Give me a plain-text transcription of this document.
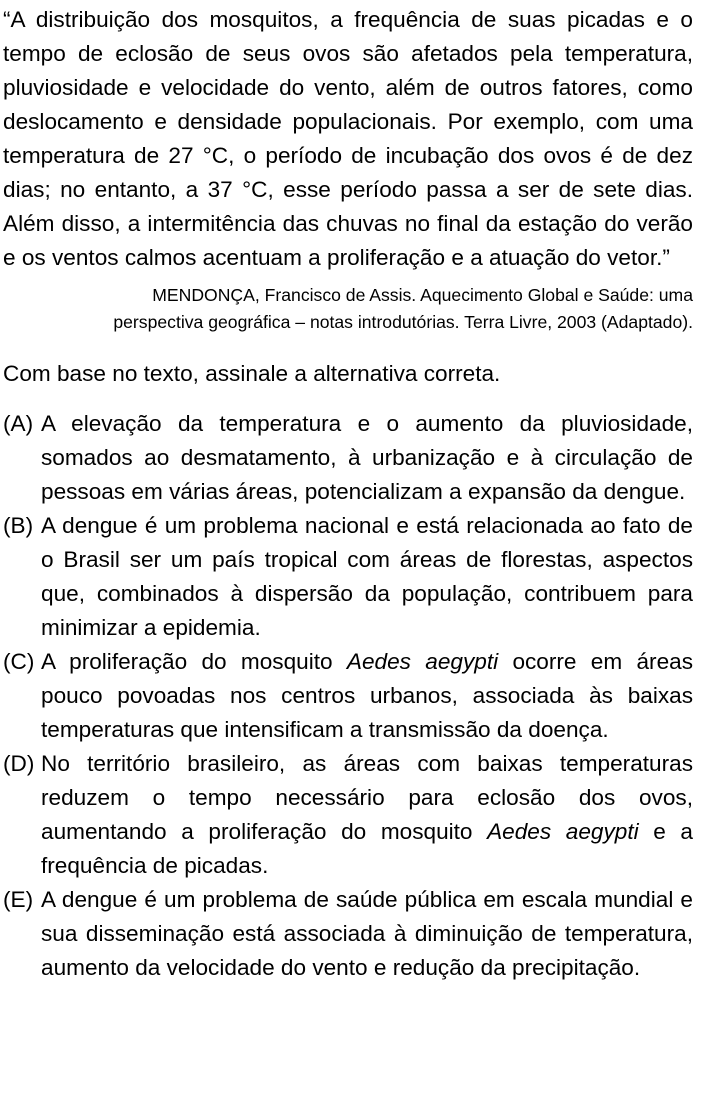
“A distribuição dos mosquitos, a frequência de suas picadas e o tempo de eclosão de seus ovos são afetados pela temperatura, pluviosidade e velocidade do vento, além de outros fatores, como deslocamento e densidade populacionais. Por exemplo, com uma temperatura de 27 °C, o período de incubação dos ovos é de dez dias; no entanto, a 37 °C, esse período passa a ser de sete dias. Além disso, a intermitência das chuvas no final da estação do verão e os ventos calmos acentuam a proliferação e a atuação do vetor.”

MENDONÇA, Francisco de Assis. Aquecimento Global e Saúde: uma
perspectiva geográfica – notas introdutórias. Terra Livre, 2003 (Adaptado).
Com base no texto, assinale a alternativa correta.
(A) A elevação da temperatura e o aumento da pluviosidade, somados ao desmatamento, à urbanização e à circulação de pessoas em várias áreas, potencializam a expansão da dengue.
(B) A dengue é um problema nacional e está relacionada ao fato de o Brasil ser um país tropical com áreas de florestas, aspectos que, combinados à dispersão da população, contribuem para minimizar a epidemia.
(C) A proliferação do mosquito Aedes aegypti ocorre em áreas pouco povoadas nos centros urbanos, associada às baixas temperaturas que intensificam a transmissão da doença.
(D) No território brasileiro, as áreas com baixas temperaturas reduzem o tempo necessário para eclosão dos ovos, aumentando a proliferação do mosquito Aedes aegypti e a frequência de picadas.
(E) A dengue é um problema de saúde pública em escala mundial e sua disseminação está associada à diminuição de temperatura, aumento da velocidade do vento e redução da precipitação.
